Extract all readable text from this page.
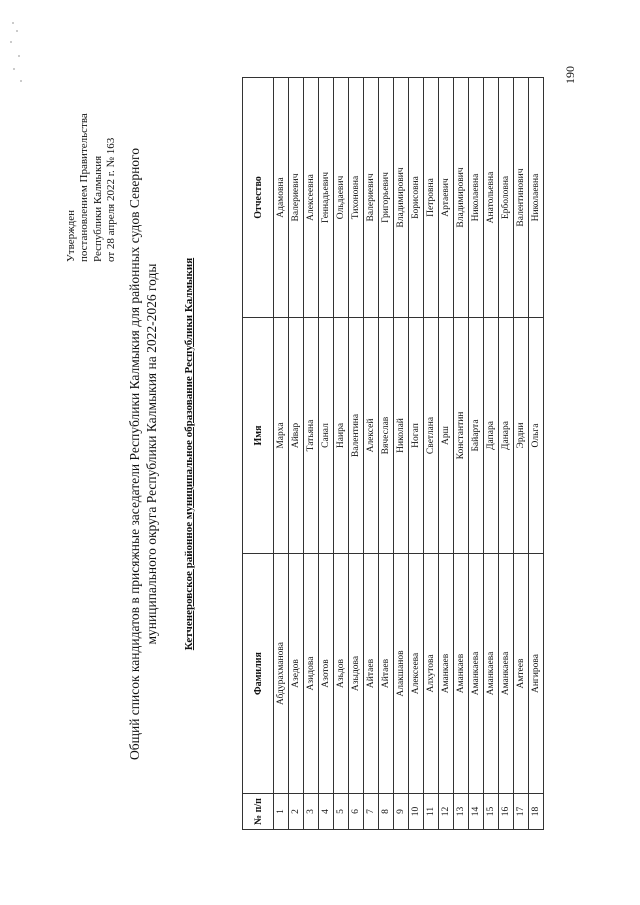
190
Утвержден постановлением Правительства Республики Калмыкия от 28 апреля 2022 г. № 163 Общий список кандидатов в присяжные заседатели Республики Калмыкия для районных судов Северного муниципального округа Республики Калмыкия на 2022-2026 годы Кетченеровское районное муниципальное образование Республики Калмыкия
№ п/п	Фамилия	Имя	Отчество
1	Абдурахманова	Марха	Адамовна
2	Азедов	Айвар	Валериевич
3	Азидова	Татьяна	Алексеевна
4	Азотов	Санал	Геннадьевич
5	Азьдов	Наира	Ольдаевич
6	Азыдова	Валентина	Тихоновна
7	Айтаев	Алексей	Валериевич
8	Айтаев	Вячеслав	Григорьевич
9	Алакшанов	Николай	Владимирович
10	Алексеева	Ногап	Борисовна
11	Алхутова	Светлана	Петровна
12	Аманкаев	Арш	Артаевич
13	Аманкаев	Константин	Владимирович
14	Аманкаева	Байарта	Николаевна
15	Аманкаева	Дапара	Анатольевна
16	Аманкаева	Данара	Ерболовна
17	Амтеев	Эрдни	Валентинович
18	Ангирова	Ольга	Николаевна
